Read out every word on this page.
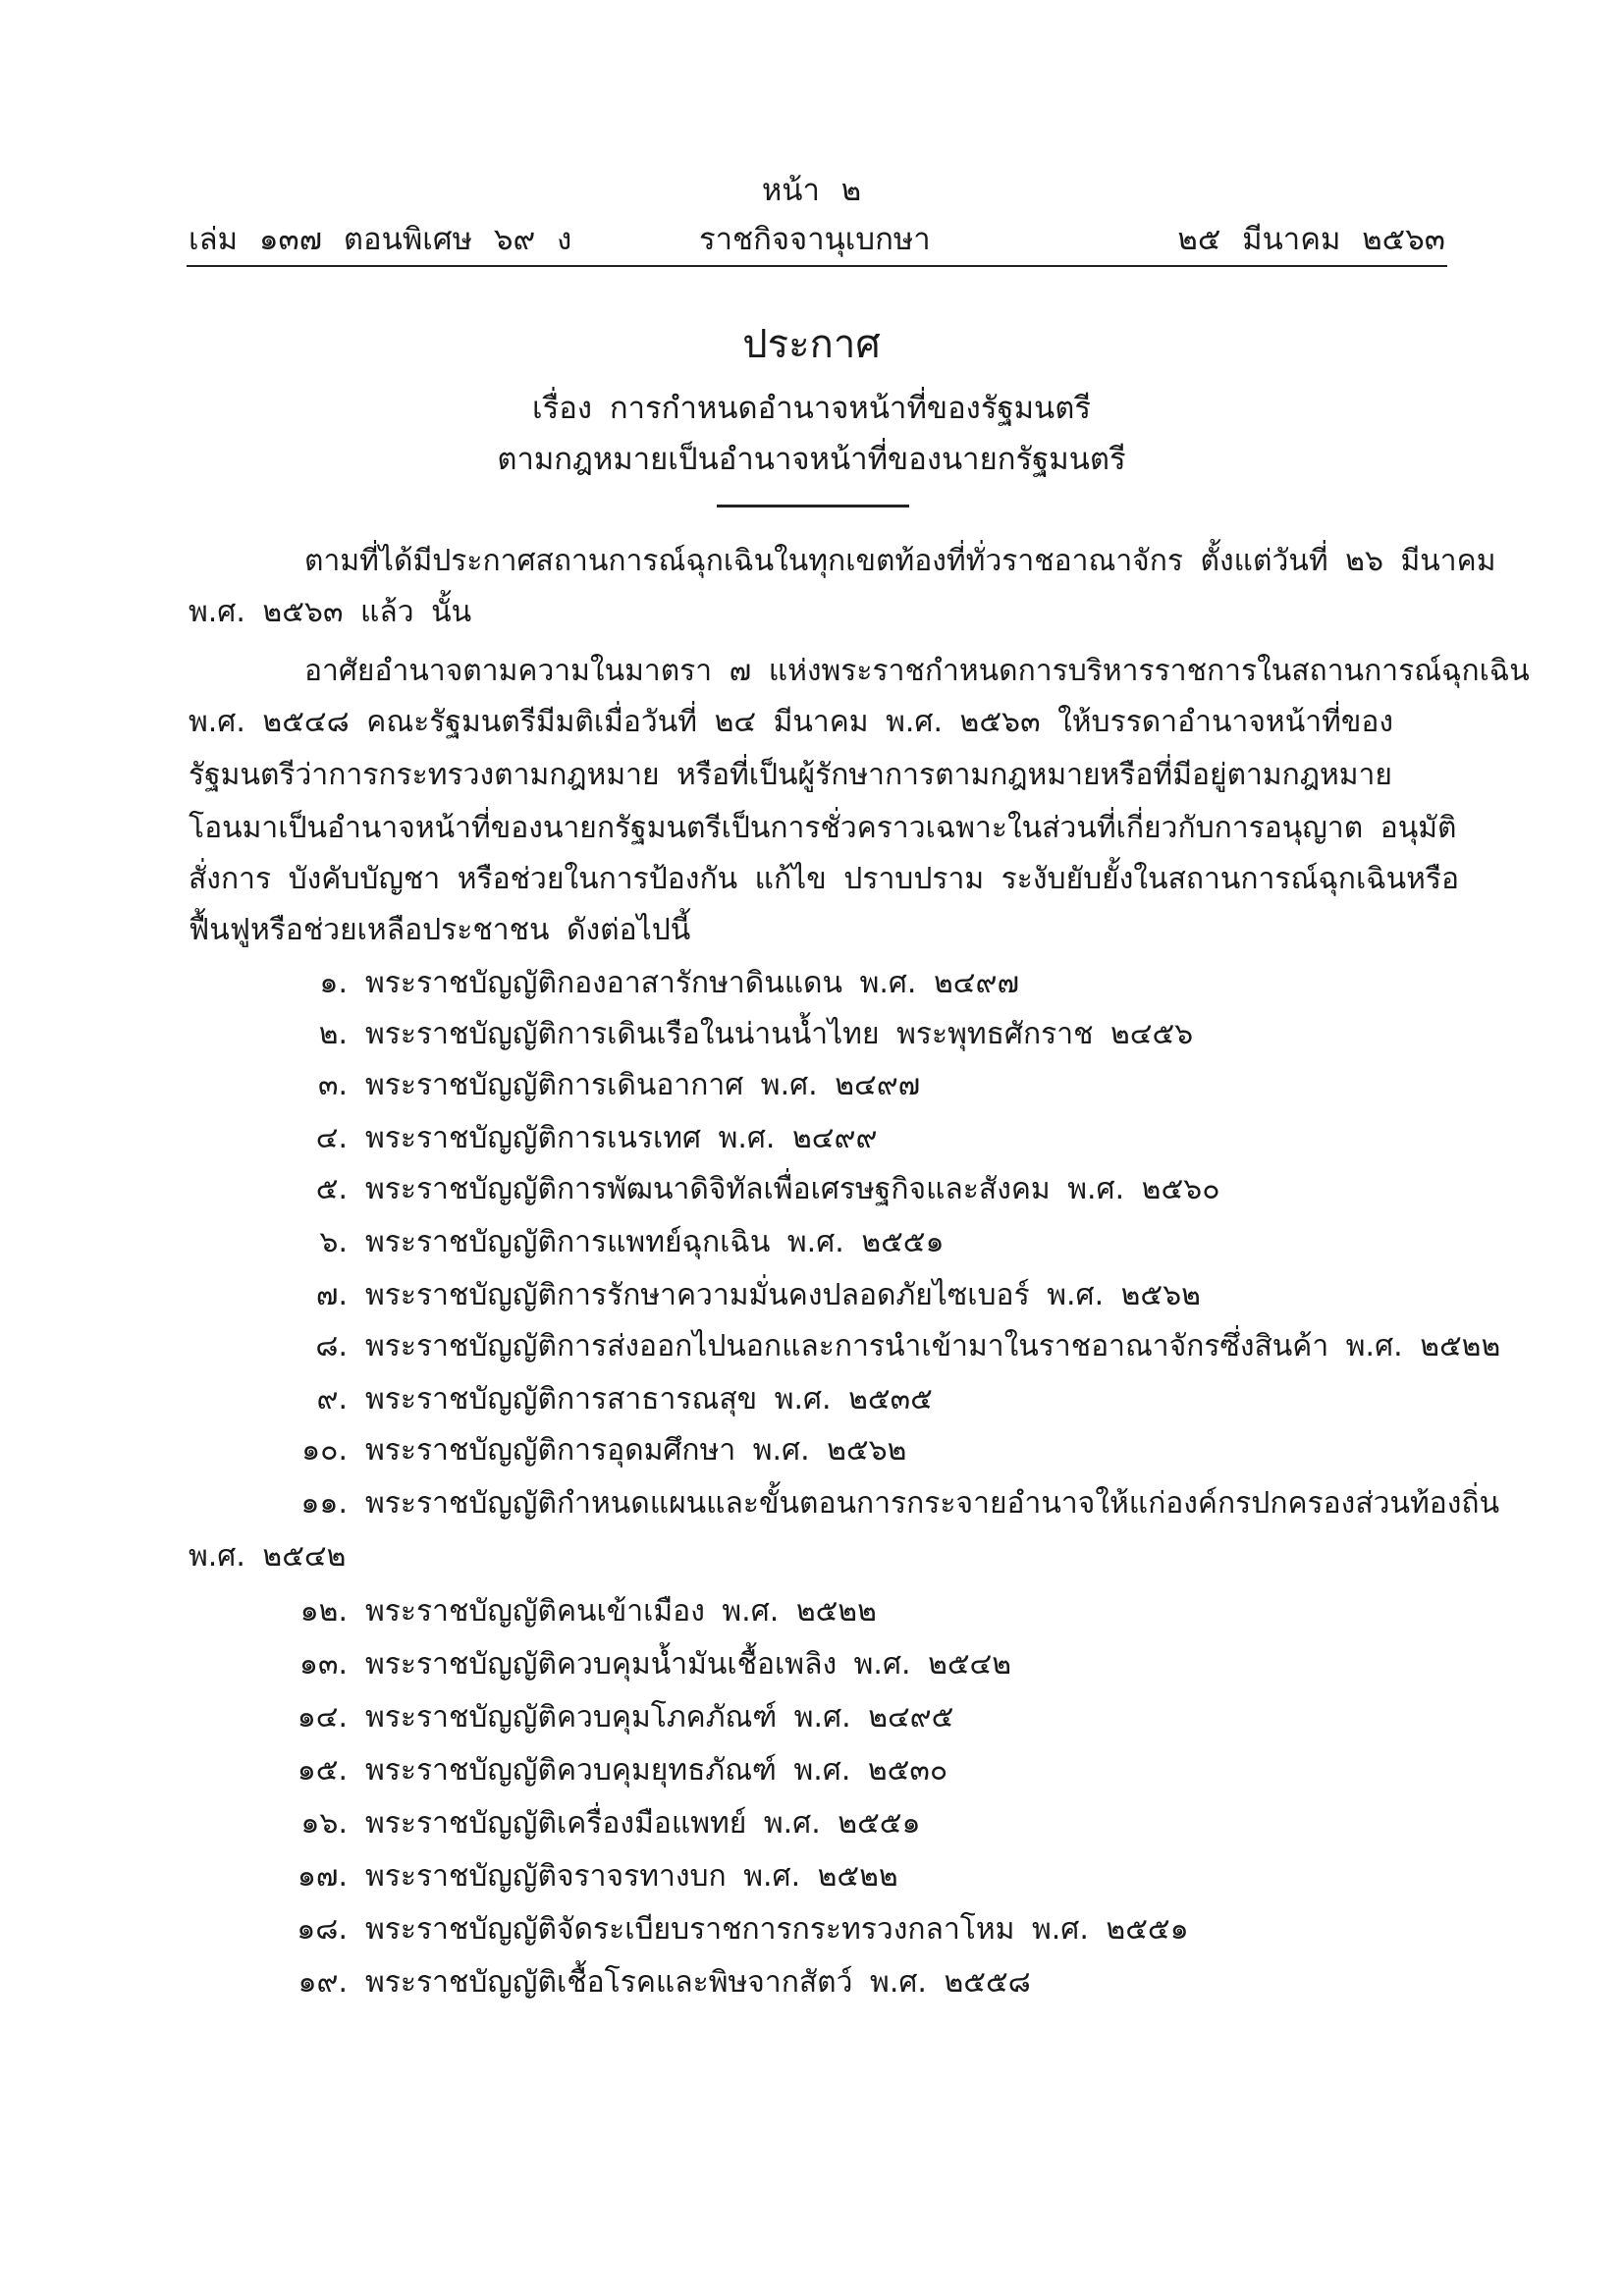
หน้า ๒
เล่ม ๑๓๗ ตอนพิเศษ ๖๙ ง	ราชกิจจานุเบกษา	๒๕ มีนาคม ๒๕๖๓
ประกาศ
เรื่อง การกำหนดอำนาจหน้าที่ของรัฐมนตรี
ตามกฎหมายเป็นอำนาจหน้าที่ของนายกรัฐมนตรี
ตามที่ได้มีประกาศสถานการณ์ฉุกเฉินในทุกเขตท้องที่ทั่วราชอาณาจักร ตั้งแต่วันที่ ๒๖ มีนาคม
พ.ศ. ๒๕๖๓ แล้ว นั้น
อาศัยอำนาจตามความในมาตรา ๗ แห่งพระราชกำหนดการบริหารราชการในสถานการณ์ฉุกเฉิน
พ.ศ. ๒๕๔๘ คณะรัฐมนตรีมีมติเมื่อวันที่ ๒๔ มีนาคม พ.ศ. ๒๕๖๓ ให้บรรดาอำนาจหน้าที่ของ
รัฐมนตรีว่าการกระทรวงตามกฎหมาย หรือที่เป็นผู้รักษาการตามกฎหมายหรือที่มีอยู่ตามกฎหมาย
โอนมาเป็นอำนาจหน้าที่ของนายกรัฐมนตรีเป็นการชั่วคราวเฉพาะในส่วนที่เกี่ยวกับการอนุญาต อนุมัติ
สั่งการ บังคับบัญชา หรือช่วยในการป้องกัน แก้ไข ปราบปราม ระงับยับยั้งในสถานการณ์ฉุกเฉินหรือ
ฟื้นฟูหรือช่วยเหลือประชาชน ดังต่อไปนี้
๑. พระราชบัญญัติกองอาสารักษาดินแดน พ.ศ. ๒๔๙๗
๒. พระราชบัญญัติการเดินเรือในน่านน้ำไทย พระพุทธศักราช ๒๔๕๖
๓. พระราชบัญญัติการเดินอากาศ พ.ศ. ๒๔๙๗
๔. พระราชบัญญัติการเนรเทศ พ.ศ. ๒๔๙๙
๕. พระราชบัญญัติการพัฒนาดิจิทัลเพื่อเศรษฐกิจและสังคม พ.ศ. ๒๕๖๐
๖. พระราชบัญญัติการแพทย์ฉุกเฉิน พ.ศ. ๒๕๕๑
๗. พระราชบัญญัติการรักษาความมั่นคงปลอดภัยไซเบอร์ พ.ศ. ๒๕๖๒
๘. พระราชบัญญัติการส่งออกไปนอกและการนำเข้ามาในราชอาณาจักรซึ่งสินค้า พ.ศ. ๒๕๒๒
๙. พระราชบัญญัติการสาธารณสุข พ.ศ. ๒๕๓๕
๑๐. พระราชบัญญัติการอุดมศึกษา พ.ศ. ๒๕๖๒
๑๑. พระราชบัญญัติกำหนดแผนและขั้นตอนการกระจายอำนาจให้แก่องค์กรปกครองส่วนท้องถิ่น
พ.ศ. ๒๕๔๒
๑๒. พระราชบัญญัติคนเข้าเมือง พ.ศ. ๒๕๒๒
๑๓. พระราชบัญญัติควบคุมน้ำมันเชื้อเพลิง พ.ศ. ๒๕๔๒
๑๔. พระราชบัญญัติควบคุมโภคภัณฑ์ พ.ศ. ๒๔๙๕
๑๕. พระราชบัญญัติควบคุมยุทธภัณฑ์ พ.ศ. ๒๕๓๐
๑๖. พระราชบัญญัติเครื่องมือแพทย์ พ.ศ. ๒๕๕๑
๑๗. พระราชบัญญัติจราจรทางบก พ.ศ. ๒๕๒๒
๑๘. พระราชบัญญัติจัดระเบียบราชการกระทรวงกลาโหม พ.ศ. ๒๕๕๑
๑๙. พระราชบัญญัติเชื้อโรคและพิษจากสัตว์ พ.ศ. ๒๕๕๘
